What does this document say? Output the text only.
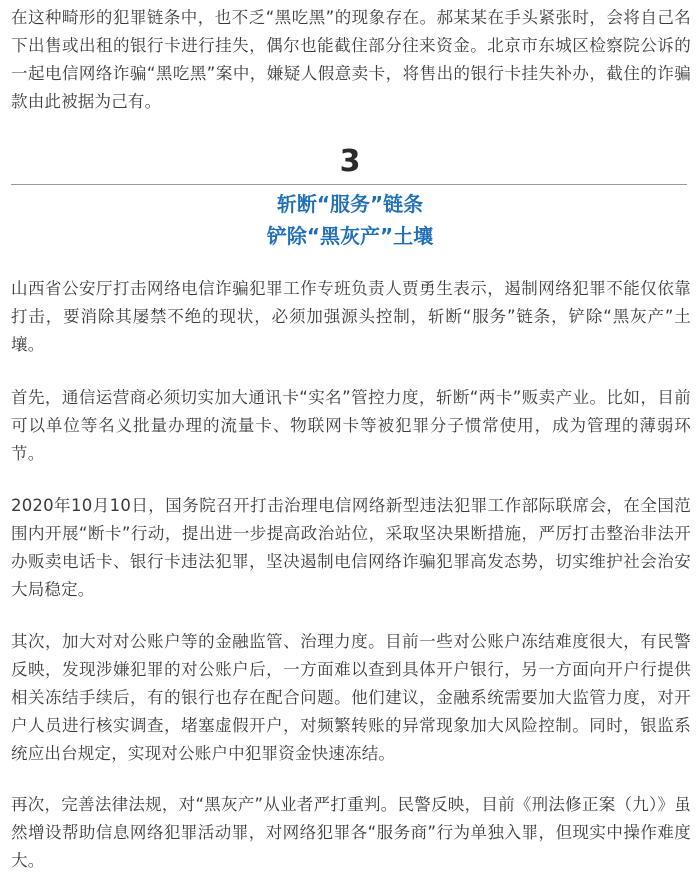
在这种畸形的犯罪链条中，也不乏“黑吃黑”的现象存在。郝某某在手头紧张时，会将自己名下出售或出租的银行卡进行挂失，偶尔也能截住部分往来资金。北京市东城区检察院公诉的一起电信网络诈骗“黑吃黑”案中，嫌疑人假意卖卡，将售出的银行卡挂失补办，截住的诈骗款由此被据为己有。

3
斩断“服务”链条
铲除“黑灰产”土壤

山西省公安厅打击网络电信诈骗犯罪工作专班负责人贾勇生表示，遏制网络犯罪不能仅依靠打击，要消除其屡禁不绝的现状，必须加强源头控制，斩断“服务”链条，铲除“黑灰产”土壤。

首先，通信运营商必须切实加大通讯卡“实名”管控力度，斩断“两卡”贩卖产业。比如，目前可以单位等名义批量办理的流量卡、物联网卡等被犯罪分子惯常使用，成为管理的薄弱环节。

2020年10月10日，国务院召开打击治理电信网络新型违法犯罪工作部际联席会，在全国范围内开展“断卡”行动，提出进一步提高政治站位，采取坚决果断措施，严厉打击整治非法开办贩卖电话卡、银行卡违法犯罪，坚决遏制电信网络诈骗犯罪高发态势，切实维护社会治安大局稳定。

其次，加大对对公账户等的金融监管、治理力度。目前一些对公账户冻结难度很大，有民警反映，发现涉嫌犯罪的对公账户后，一方面难以查到具体开户银行，另一方面向开户行提供相关冻结手续后，有的银行也存在配合问题。他们建议，金融系统需要加大监管力度，对开户人员进行核实调查，堵塞虚假开户，对频繁转账的异常现象加大风险控制。同时，银监系统应出台规定，实现对公账户中犯罪资金快速冻结。

再次，完善法律法规，对“黑灰产”从业者严打重判。民警反映，目前《刑法修正案（九）》虽然增设帮助信息网络犯罪活动罪，对网络犯罪各“服务商”行为单独入罪，但现实中操作难度大。
